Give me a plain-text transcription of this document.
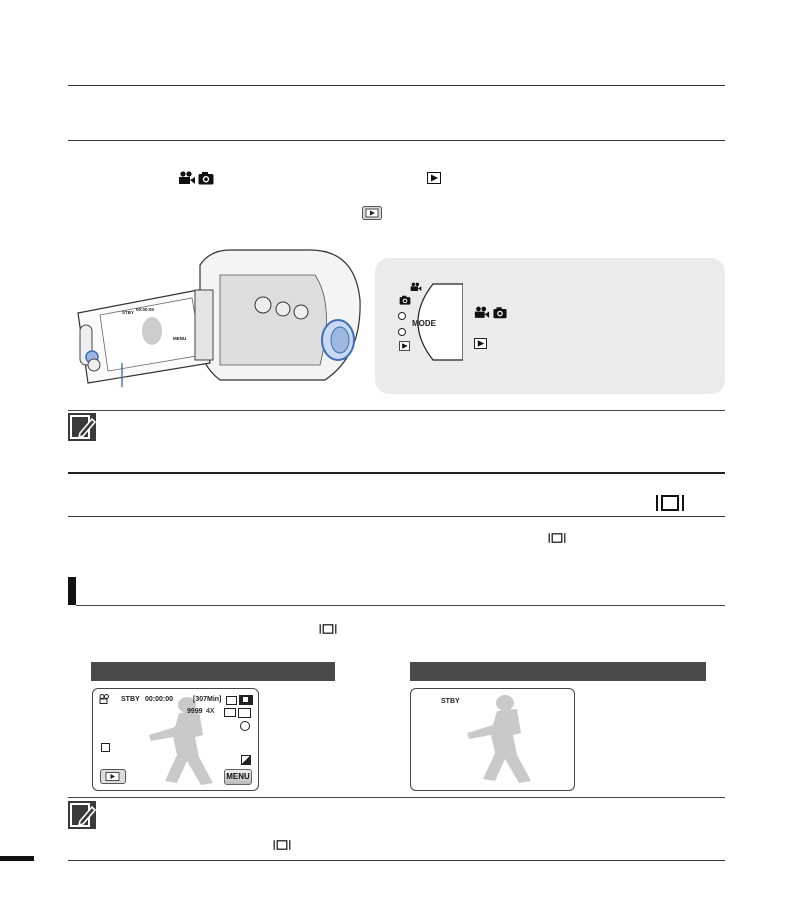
STBY
00:00:00
MENU
MODE
STBY 00:00:00	[307Min]
9999 4X
MENU
STBY
